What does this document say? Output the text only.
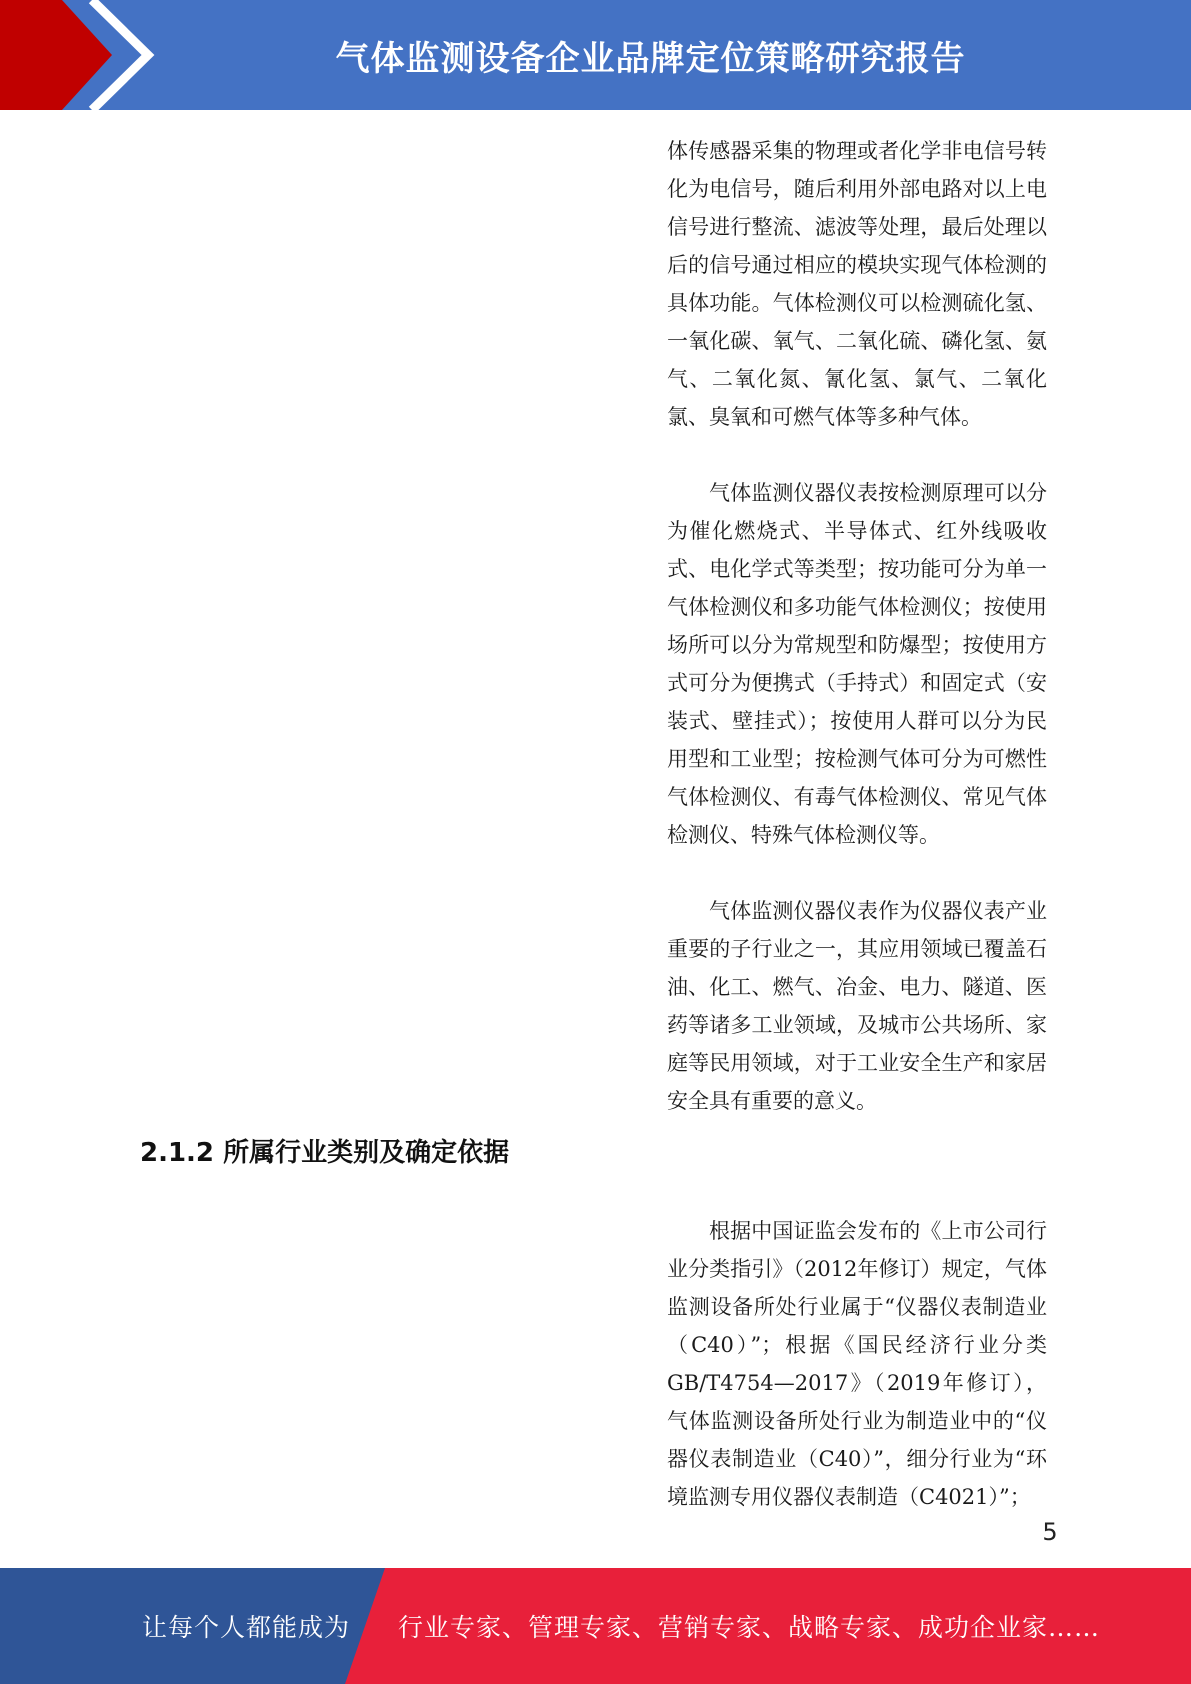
气体监测设备企业品牌定位策略研究报告

体传感器采集的物理或者化学非电信号转化为电信号，随后利用外部电路对以上电信号进行整流、滤波等处理，最后处理以后的信号通过相应的模块实现气体检测的具体功能。气体检测仪可以检测硫化氢、一氧化碳、氧气、二氧化硫、磷化氢、氨气、二氧化氮、氰化氢、氯气、二氧化氯、臭氧和可燃气体等多种气体。

气体监测仪器仪表按检测原理可以分为催化燃烧式、半导体式、红外线吸收式、电化学式等类型；按功能可分为单一气体检测仪和多功能气体检测仪；按使用场所可以分为常规型和防爆型；按使用方式可分为便携式（手持式）和固定式（安装式、壁挂式）；按使用人群可以分为民用型和工业型；按检测气体可分为可燃性气体检测仪、有毒气体检测仪、常见气体检测仪、特殊气体检测仪等。

气体监测仪器仪表作为仪器仪表产业重要的子行业之一，其应用领域已覆盖石油、化工、燃气、冶金、电力、隧道、医药等诸多工业领域，及城市公共场所、家庭等民用领域，对于工业安全生产和家居安全具有重要的意义。

2.1.2 所属行业类别及确定依据

根据中国证监会发布的《上市公司行业分类指引》（2012年修订）规定，气体监测设备所处行业属于“仪器仪表制造业（C40）”；根据《国民经济行业分类GB/T4754—2017》（2019年修订），气体监测设备所处行业为制造业中的“仪器仪表制造业（C40）”，细分行业为“环境监测专用仪器仪表制造（C4021）”；

5
让每个人都能成为 行业专家、管理专家、营销专家、战略专家、成功企业家……
